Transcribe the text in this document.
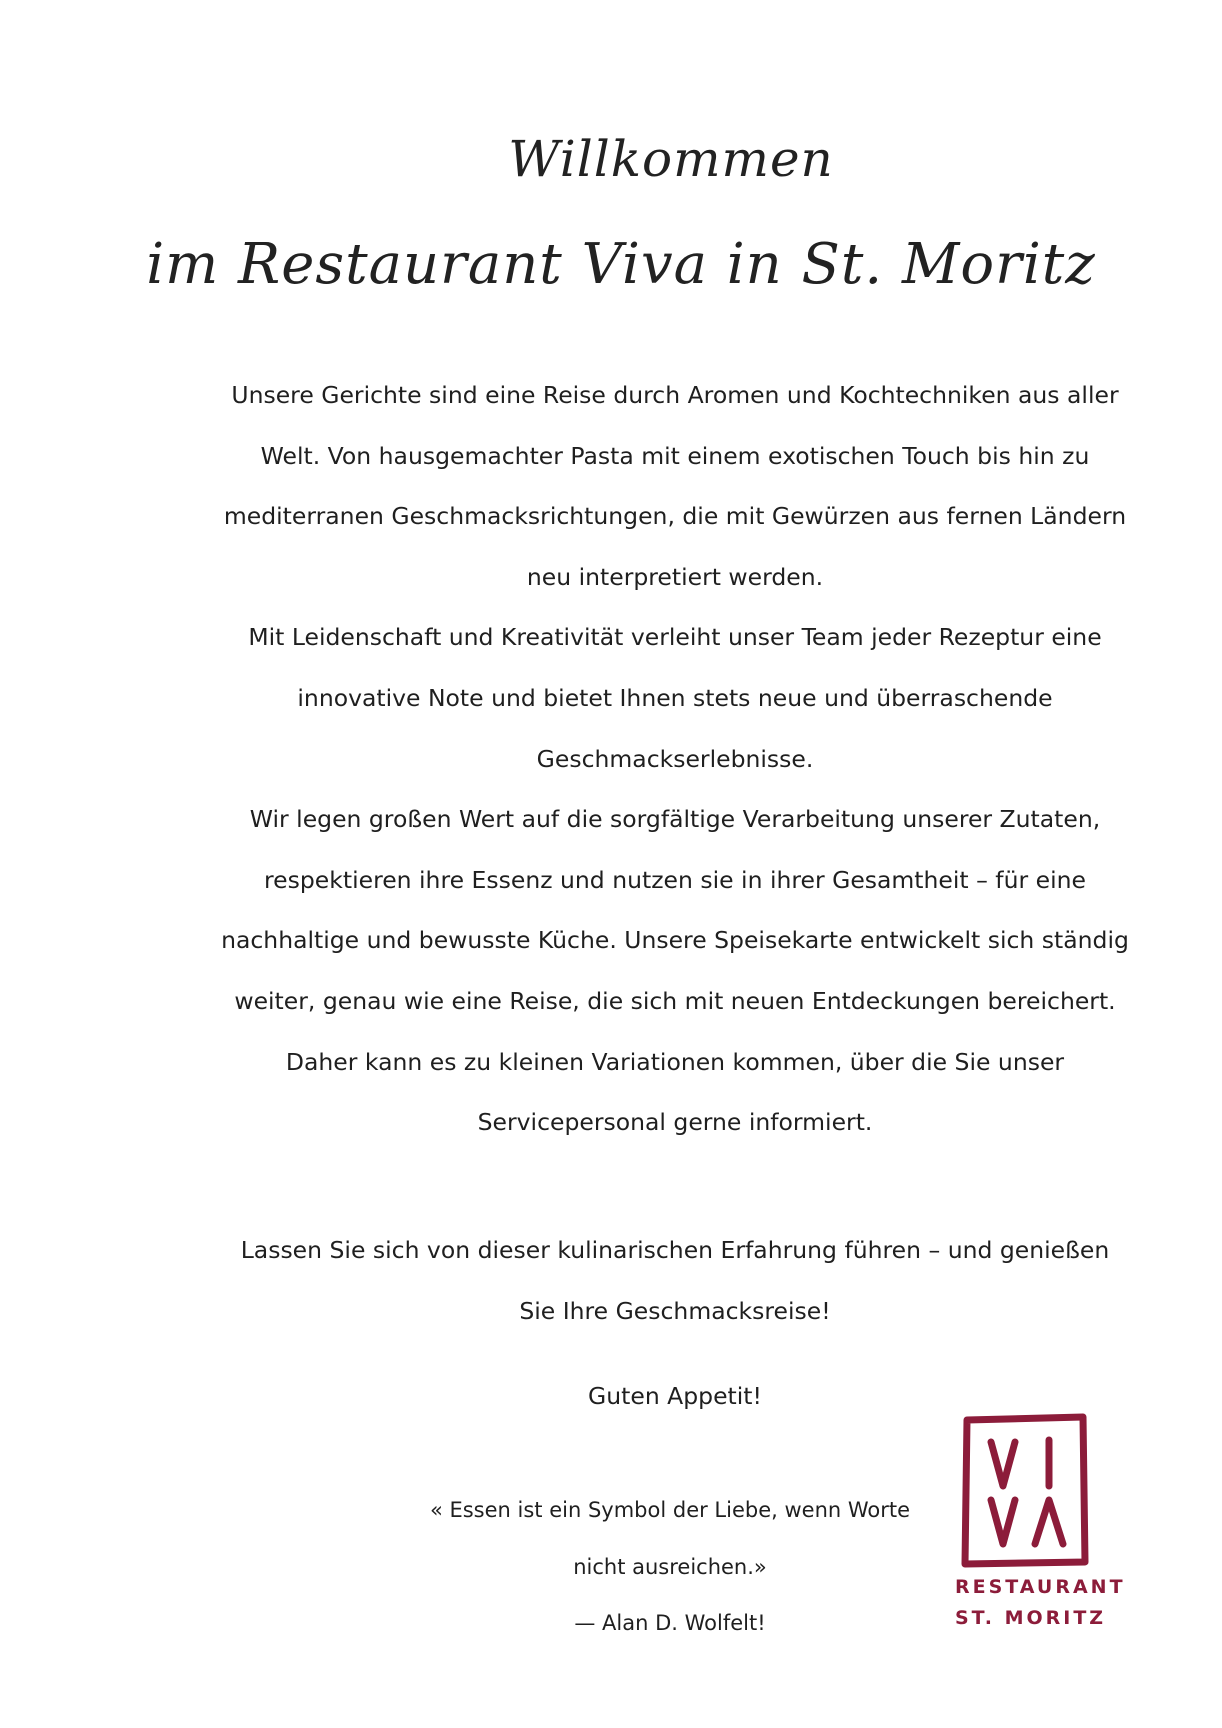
Willkommen
im Restaurant Viva in St. Moritz

Unsere Gerichte sind eine Reise durch Aromen und Kochtechniken aus aller Welt. Von hausgemachter Pasta mit einem exotischen Touch bis hin zu mediterranen Geschmacksrichtungen, die mit Gewürzen aus fernen Ländern neu interpretiert werden.

Mit Leidenschaft und Kreativität verleiht unser Team jeder Rezeptur eine innovative Note und bietet Ihnen stets neue und überraschende Geschmackserlebnisse.

Wir legen großen Wert auf die sorgfältige Verarbeitung unserer Zutaten, respektieren ihre Essenz und nutzen sie in ihrer Gesamtheit – für eine nachhaltige und bewusste Küche. Unsere Speisekarte entwickelt sich ständig weiter, genau wie eine Reise, die sich mit neuen Entdeckungen bereichert. Daher kann es zu kleinen Variationen kommen, über die Sie unser Servicepersonal gerne informiert.

Lassen Sie sich von dieser kulinarischen Erfahrung führen – und genießen Sie Ihre Geschmacksreise!

Guten Appetit!

« Essen ist ein Symbol der Liebe, wenn Worte nicht ausreichen.»

— Alan D. Wolfelt!

RESTAURANT
ST. MORITZ
